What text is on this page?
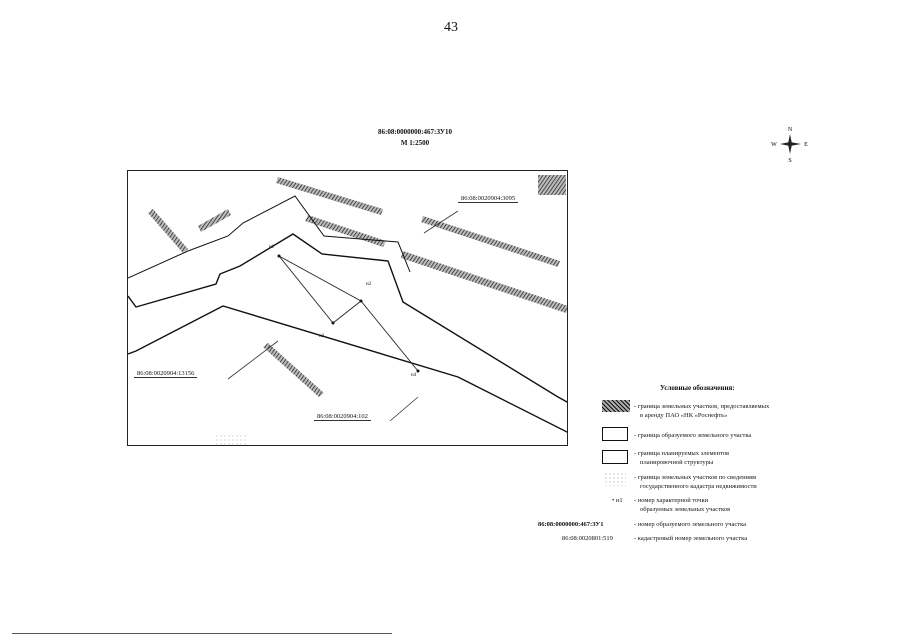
43
86:08:0000000:467:ЗУ10
М 1:2500
N
S
E
W
н1
н2
н3
н4
86:08:0020904:3095
86:08:0020904:13156
86:08:0020904:102
Условные обозначения:
- граница земельных участков, предоставляемых
в аренду ПАО «НК «Роснефть»
- граница образуемого земельного участка
- граница планируемых элементов
планировочной структуры
- граница земельных участков по сведениям
государственного кадастра недвижимости
• н1 - номер характерной точки
образуемых земельных участков
86:08:0000000:467:ЗУ1	- номер образуемого земельного участка
86:08:0020801:519	- кадастровый номер земельного участка
